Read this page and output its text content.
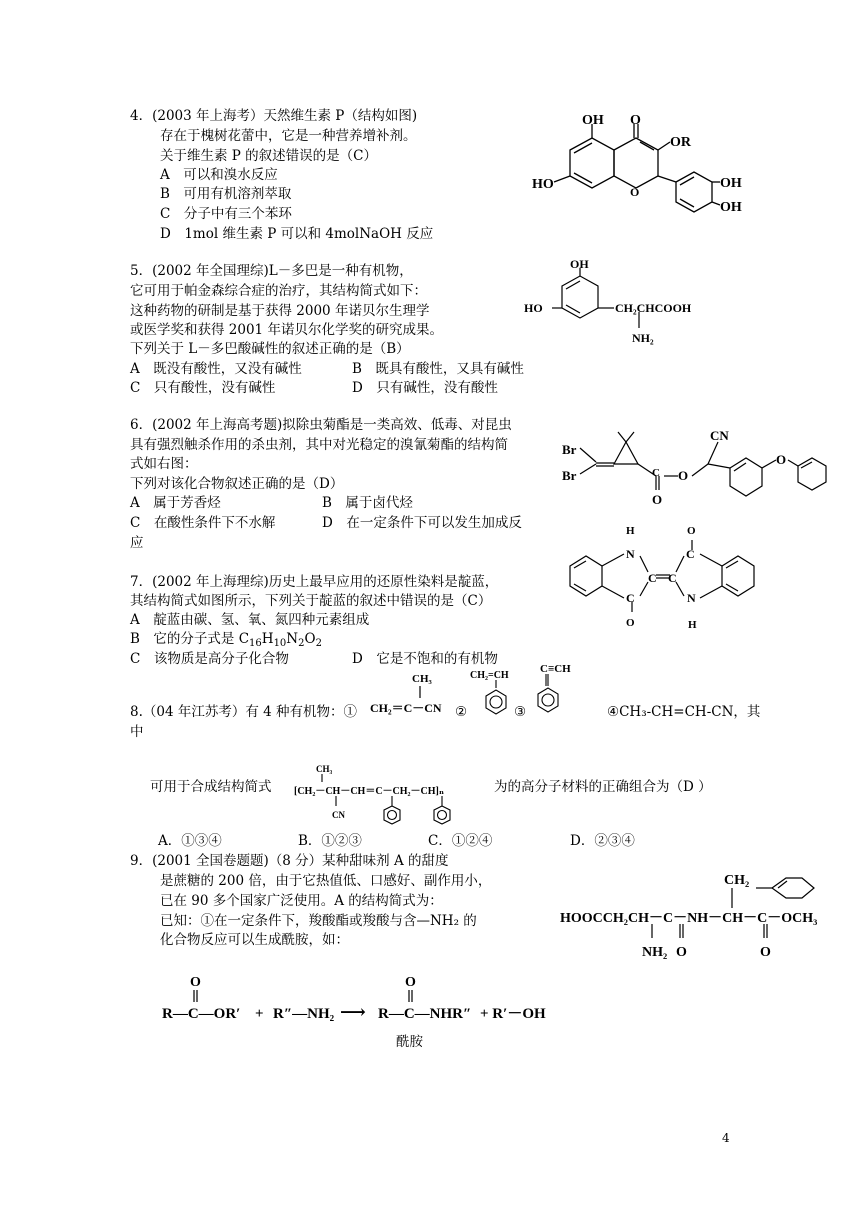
4．(2003 年上海考）天然维生素 P（结构如图)
存在于槐树花蕾中，它是一种营养增补剂。
关于维生素 P 的叙述错误的是（C）
A　可以和溴水反应
B　可用有机溶剂萃取
C　分子中有三个苯环
D　1mol 维生素 P 可以和 4molNaOH 反应
OH O
OR
HO	O
OH
OH
5．(2002 年全国理综)L－多巴是一种有机物，
它可用于帕金森综合症的治疗，其结构简式如下：
这种药物的研制是基于获得 2000 年诺贝尔生理学
或医学奖和获得 2001 年诺贝尔化学奖的研究成果。
下列关于 L－多巴酸碱性的叙述正确的是（B）
A　既没有酸性，又没有碱性	B　既具有酸性，又具有碱性
C　只有酸性，没有碱性	D　只有碱性，没有酸性
OH
HO	CH₂CHCOOH
NH₂
6．(2002 年上海高考题)拟除虫菊酯是一类高效、低毒、对昆虫
具有强烈触杀作用的杀虫剂，其中对光稳定的溴氰菊酯的结构简
式如右图：
下列对该化合物叙述正确的是（D）
A　属于芳香烃	B　属于卤代烃
C　在酸性条件下不水解	D　在一定条件下可以发生加成反
应
Br
Br
CN
C O
O
O
H
N
O
C
C C
C	N
H
O
7．(2002 年上海理综)历史上最早应用的还原性染料是靛蓝，
其结构简式如图所示，下列关于靛蓝的叙述中错误的是（C）
A　靛蓝由碳、氢、氧、氮四种元素组成
B　它的分子式是 $C_{16}H_{10}N_2O_2$
C　该物质是高分子化合物	D　它是不饱和的有机物
8.（04 年江苏考）有 4 种有机物：①
CH₃
CH₂＝C－CN ②
CH₂=CH
③
C≡CH
④CH₃-CH=CH-CN，其
中
可用于合成结构简式
CH₃
[CH₂－CH－CH＝C－CH₂－CH]ₙ
CN
为的高分子材料的正确组合为（D ）
A．①③④	B．①②③	C．①②④	D．②③④
9．(2001 全国卷题题)（8 分）某种甜味剂 A 的甜度
是蔗糖的 200 倍，由于它热值低、口感好、副作用小，
已在 90 多个国家广泛使用。A 的结构简式为：
已知：①在一定条件下，羧酸酯或羧酸与含—NH₂ 的
化合物反应可以生成酰胺，如：
CH₂
HOOCCH₂CH－C－NH－CH－C－OCH₃
NH₂ O	O
O
R—C—OR′ + R″—NH₂ ⟶
O
R—C—NHR″ + R′－OH
酰胺
4
